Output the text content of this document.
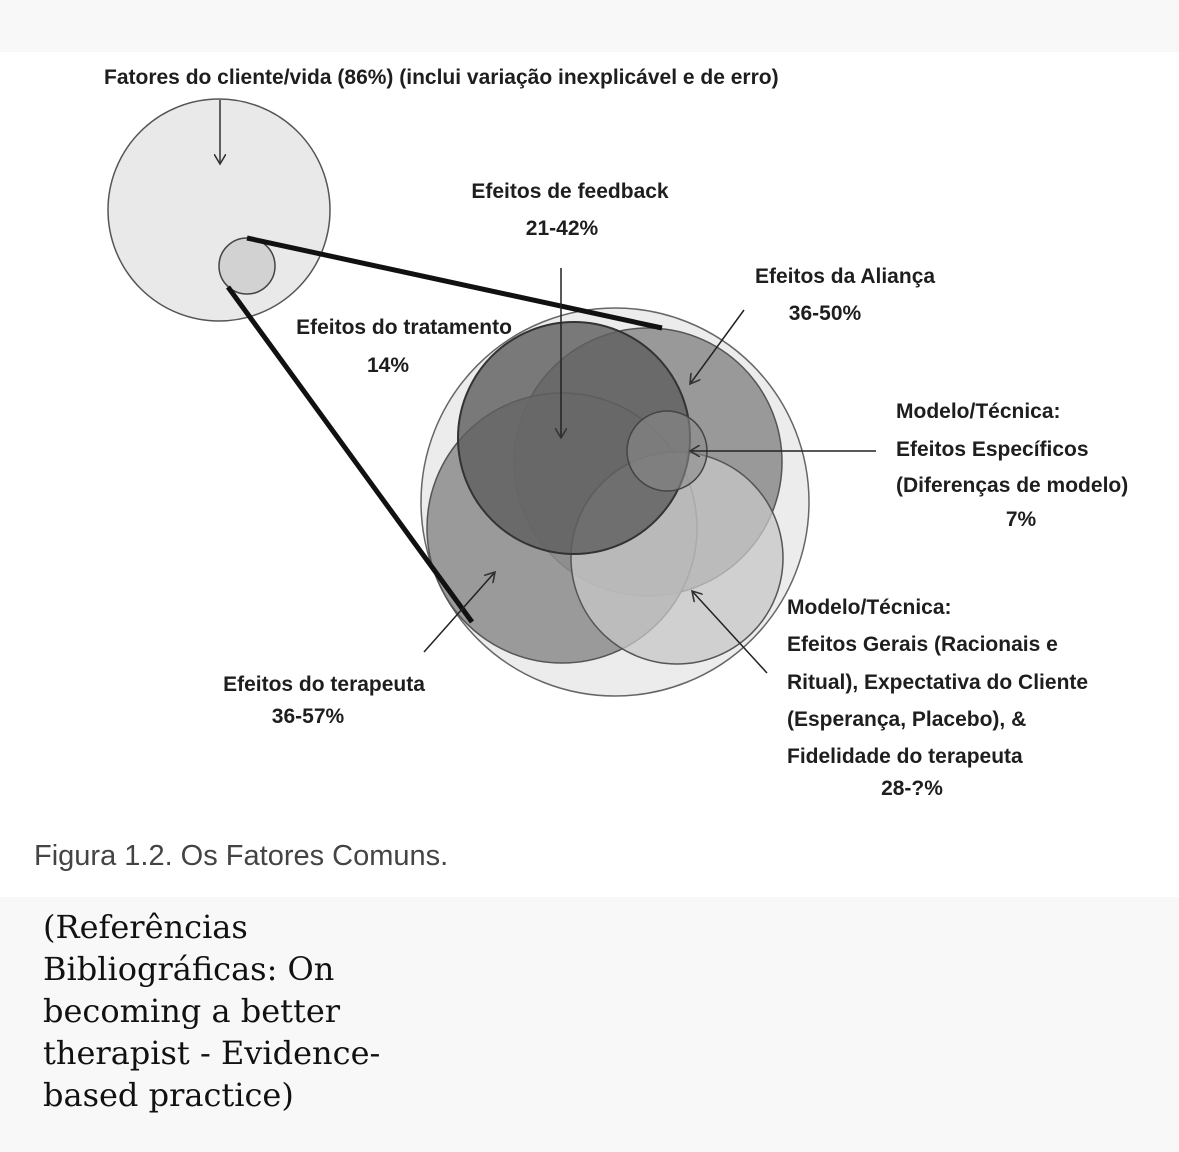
Fatores do cliente/vida (86%) (inclui variação inexplicável e de erro)
Efeitos de feedback
21-42%
Efeitos da Aliança
36-50%
Efeitos do tratamento
14%
Modelo/Técnica:
Efeitos Específicos
(Diferenças de modelo)
7%
Efeitos do terapeuta
36-57%
Modelo/Técnica:
Efeitos Gerais (Racionais e
Ritual), Expectativa do Cliente
(Esperança, Placebo), &
Fidelidade do terapeuta
28-?%

Figura 1.2. Os Fatores Comuns.

(Referências Bibliográficas: On becoming a better therapist - Evidence-based practice)
